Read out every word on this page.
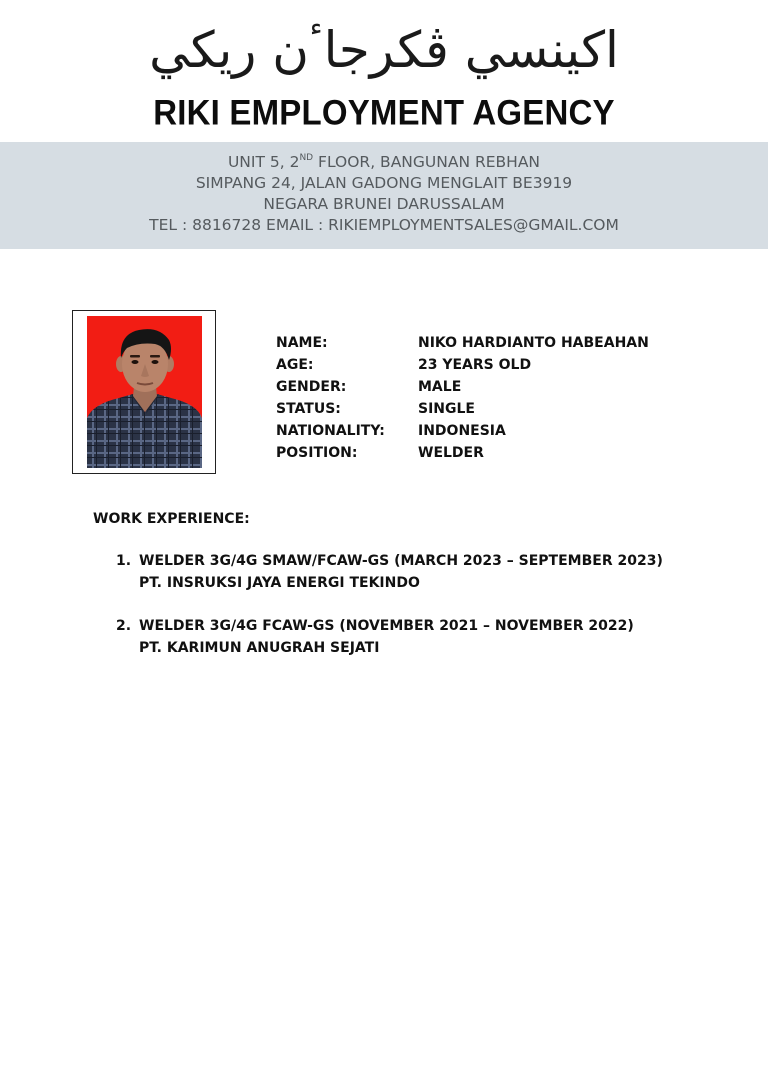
اکينسي ڤکرجاٴن ريکي
RIKI EMPLOYMENT AGENCY
UNIT 5, 2ND FLOOR, BANGUNAN REBHAN
SIMPANG 24, JALAN GADONG MENGLAIT BE3919
NEGARA BRUNEI DARUSSALAM
TEL : 8816728 EMAIL : RIKIEMPLOYMENTSALES@GMAIL.COM
NAME:	NIKO HARDIANTO HABEAHAN
AGE:	23 YEARS OLD
GENDER:	MALE
STATUS:	SINGLE
NATIONALITY:	INDONESIA
POSITION:	WELDER
WORK EXPERIENCE:
1. WELDER 3G/4G SMAW/FCAW-GS (MARCH 2023 – SEPTEMBER 2023)
PT. INSRUKSI JAYA ENERGI TEKINDO
2. WELDER 3G/4G FCAW-GS (NOVEMBER 2021 – NOVEMBER 2022)
PT. KARIMUN ANUGRAH SEJATI
